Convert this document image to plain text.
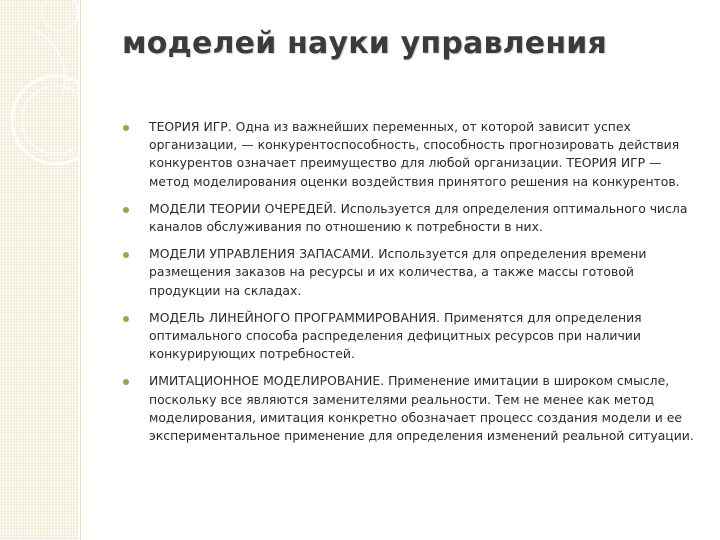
моделей науки управления
ТЕОРИЯ ИГР. Одна из важнейших переменных, от которой зависит успех организации, — конкурентоспособность, способность прогнозировать действия конкурентов означает преимущество для любой организации. ТЕОРИЯ ИГР — метод моделирования оценки воздействия принятого решения на конкурентов.
МОДЕЛИ ТЕОРИИ ОЧЕРЕДЕЙ. Используется для определения оптимального числа каналов обслуживания по отношению к потребности в них.
МОДЕЛИ УПРАВЛЕНИЯ ЗАПАСАМИ. Используется для определения времени размещения заказов на ресурсы и их количества, а также массы готовой продукции на складах.
МОДЕЛЬ ЛИНЕЙНОГО ПРОГРАММИРОВАНИЯ. Применятся для определения оптимального способа распределения дефицитных ресурсов при наличии конкурирующих потребностей.
ИМИТАЦИОННОЕ МОДЕЛИРОВАНИЕ. Применение имитации в широком смысле, поскольку все являются заменителями реальности. Тем не менее как метод моделирования, имитация конкретно обозначает процесс создания модели и ее экспериментальное применение для определения изменений реальной ситуации.
